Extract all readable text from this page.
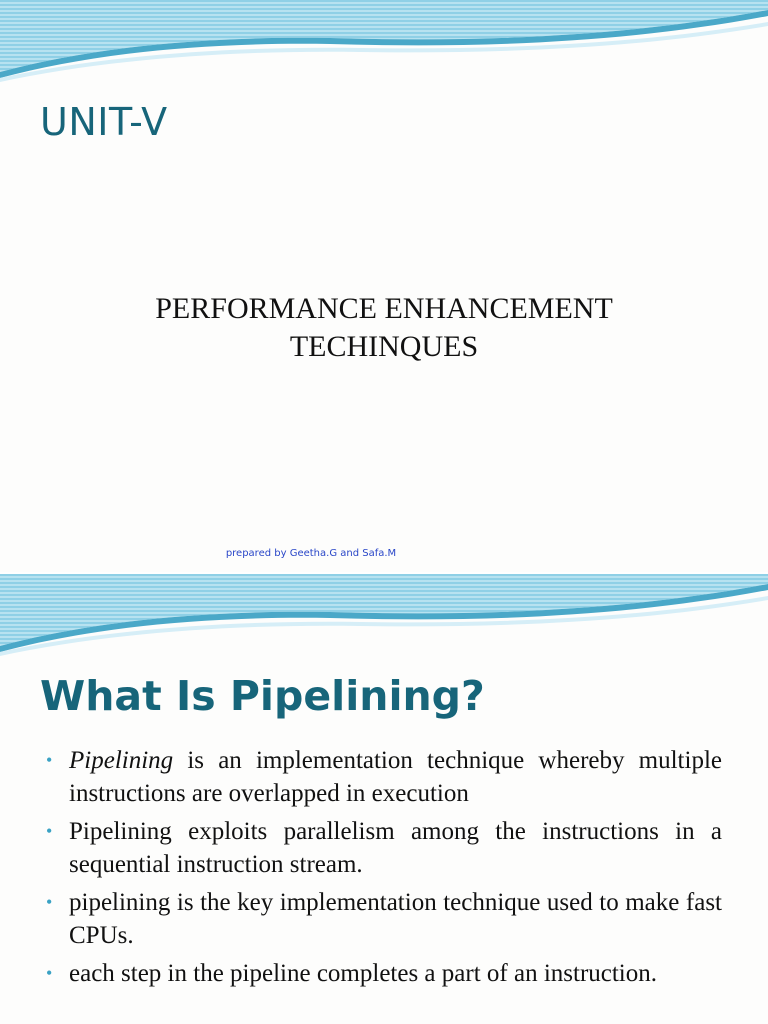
UNIT-V

PERFORMANCE ENHANCEMENT
TECHINQUES

prepared by Geetha.G and Safa.M
What Is Pipelining?
• Pipelining is an implementation technique whereby multiple instructions are overlapped in execution
• Pipelining exploits parallelism among the instructions in a sequential instruction stream.
• pipelining is the key implementation technique used to make fast CPUs.
• each step in the pipeline completes a part of an instruction.
